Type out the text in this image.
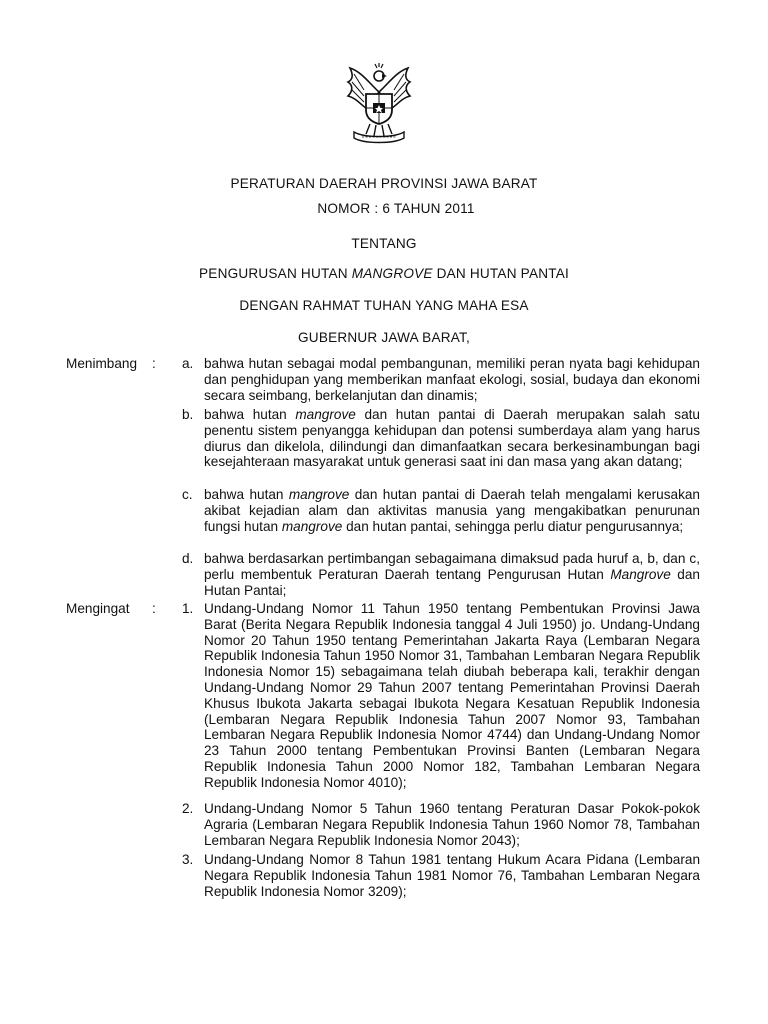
PERATURAN DAERAH PROVINSI JAWA BARAT
NOMOR : 6 TAHUN 2011
TENTANG
PENGURUSAN HUTAN MANGROVE DAN HUTAN PANTAI
DENGAN RAHMAT TUHAN YANG MAHA ESA
GUBERNUR JAWA BARAT,
Menimbang : a. bahwa hutan sebagai modal pembangunan, memiliki peran nyata bagi kehidupan dan penghidupan yang memberikan manfaat ekologi, sosial, budaya dan ekonomi secara seimbang, berkelanjutan dan dinamis;
b. bahwa hutan mangrove dan hutan pantai di Daerah merupakan salah satu penentu sistem penyangga kehidupan dan potensi sumberdaya alam yang harus diurus dan dikelola, dilindungi dan dimanfaatkan secara berkesinambungan bagi kesejahteraan masyarakat untuk generasi saat ini dan masa yang akan datang;
c. bahwa hutan mangrove dan hutan pantai di Daerah telah mengalami kerusakan akibat kejadian alam dan aktivitas manusia yang mengakibatkan penurunan fungsi hutan mangrove dan hutan pantai, sehingga perlu diatur pengurusannya;
d. bahwa berdasarkan pertimbangan sebagaimana dimaksud pada huruf a, b, dan c, perlu membentuk Peraturan Daerah tentang Pengurusan Hutan Mangrove dan Hutan Pantai;
Mengingat : 1. Undang-Undang Nomor 11 Tahun 1950 tentang Pembentukan Provinsi Jawa Barat (Berita Negara Republik Indonesia tanggal 4 Juli 1950) jo. Undang-Undang Nomor 20 Tahun 1950 tentang Pemerintahan Jakarta Raya (Lembaran Negara Republik Indonesia Tahun 1950 Nomor 31, Tambahan Lembaran Negara Republik Indonesia Nomor 15) sebagaimana telah diubah beberapa kali, terakhir dengan Undang-Undang Nomor 29 Tahun 2007 tentang Pemerintahan Provinsi Daerah Khusus Ibukota Jakarta sebagai Ibukota Negara Kesatuan Republik Indonesia (Lembaran Negara Republik Indonesia Tahun 2007 Nomor 93, Tambahan Lembaran Negara Republik Indonesia Nomor 4744) dan Undang-Undang Nomor 23 Tahun 2000 tentang Pembentukan Provinsi Banten (Lembaran Negara Republik Indonesia Tahun 2000 Nomor 182, Tambahan Lembaran Negara Republik Indonesia Nomor 4010);
2. Undang-Undang Nomor 5 Tahun 1960 tentang Peraturan Dasar Pokok-pokok Agraria (Lembaran Negara Republik Indonesia Tahun 1960 Nomor 78, Tambahan Lembaran Negara Republik Indonesia Nomor 2043);
3. Undang-Undang Nomor 8 Tahun 1981 tentang Hukum Acara Pidana (Lembaran Negara Republik Indonesia Tahun 1981 Nomor 76, Tambahan Lembaran Negara Republik Indonesia Nomor 3209);
